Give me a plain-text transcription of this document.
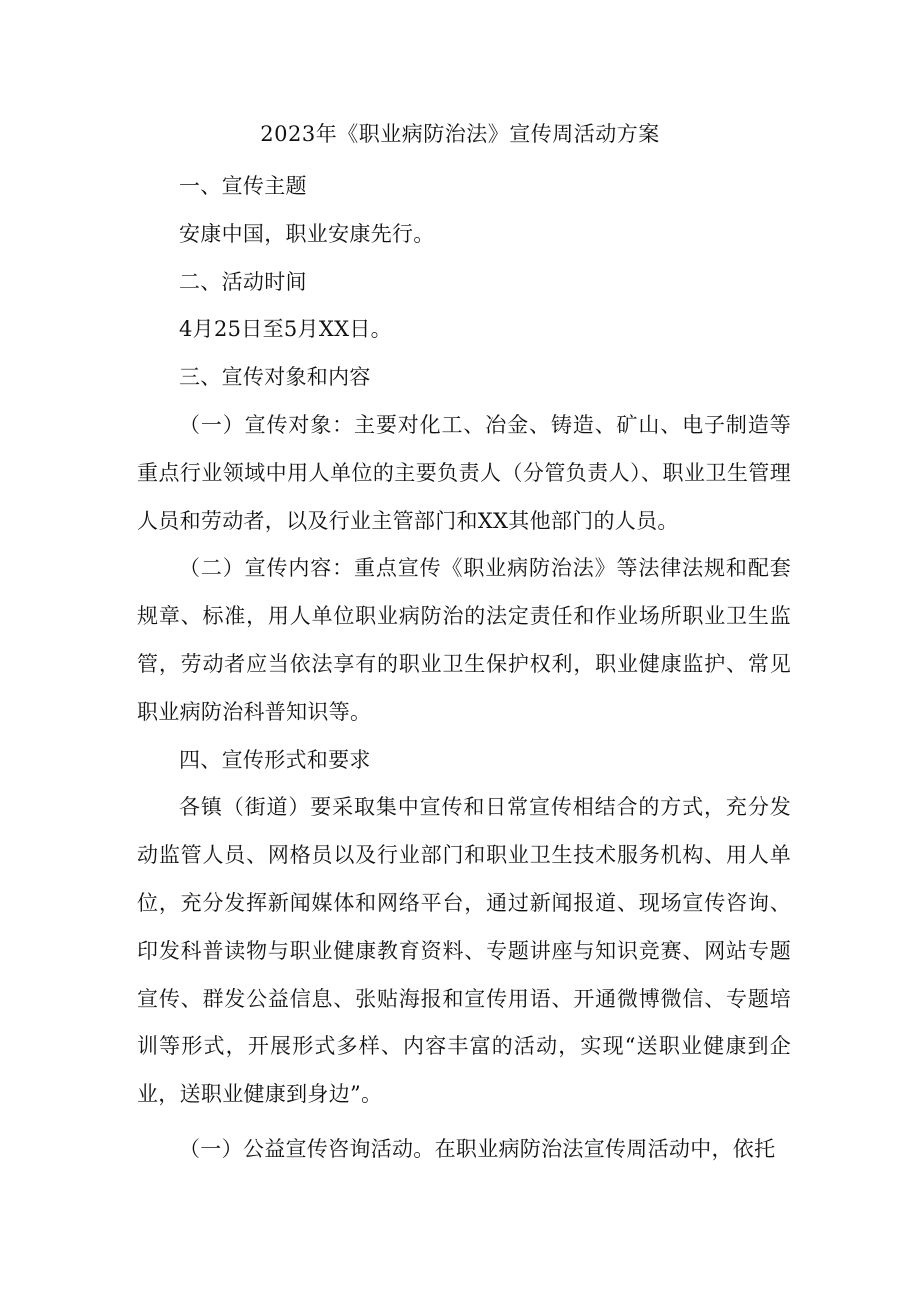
2023年《职业病防治法》宣传周活动方案

一、宣传主题

安康中国，职业安康先行。

二、活动时间

4月25日至5月XX日。

三、宣传对象和内容

（一）宣传对象：主要对化工、冶金、铸造、矿山、电子制造等重点行业领域中用人单位的主要负责人（分管负责人）、职业卫生管理人员和劳动者，以及行业主管部门和XX其他部门的人员。

（二）宣传内容：重点宣传《职业病防治法》等法律法规和配套规章、标准，用人单位职业病防治的法定责任和作业场所职业卫生监管，劳动者应当依法享有的职业卫生保护权利，职业健康监护、常见职业病防治科普知识等。

四、宣传形式和要求

各镇（街道）要采取集中宣传和日常宣传相结合的方式，充分发动监管人员、网格员以及行业部门和职业卫生技术服务机构、用人单位，充分发挥新闻媒体和网络平台，通过新闻报道、现场宣传咨询、印发科普读物与职业健康教育资料、专题讲座与知识竞赛、网站专题宣传、群发公益信息、张贴海报和宣传用语、开通微博微信、专题培训等形式，开展形式多样、内容丰富的活动，实现“送职业健康到企业，送职业健康到身边”。

（一）公益宣传咨询活动。在职业病防治法宣传周活动中，依托
